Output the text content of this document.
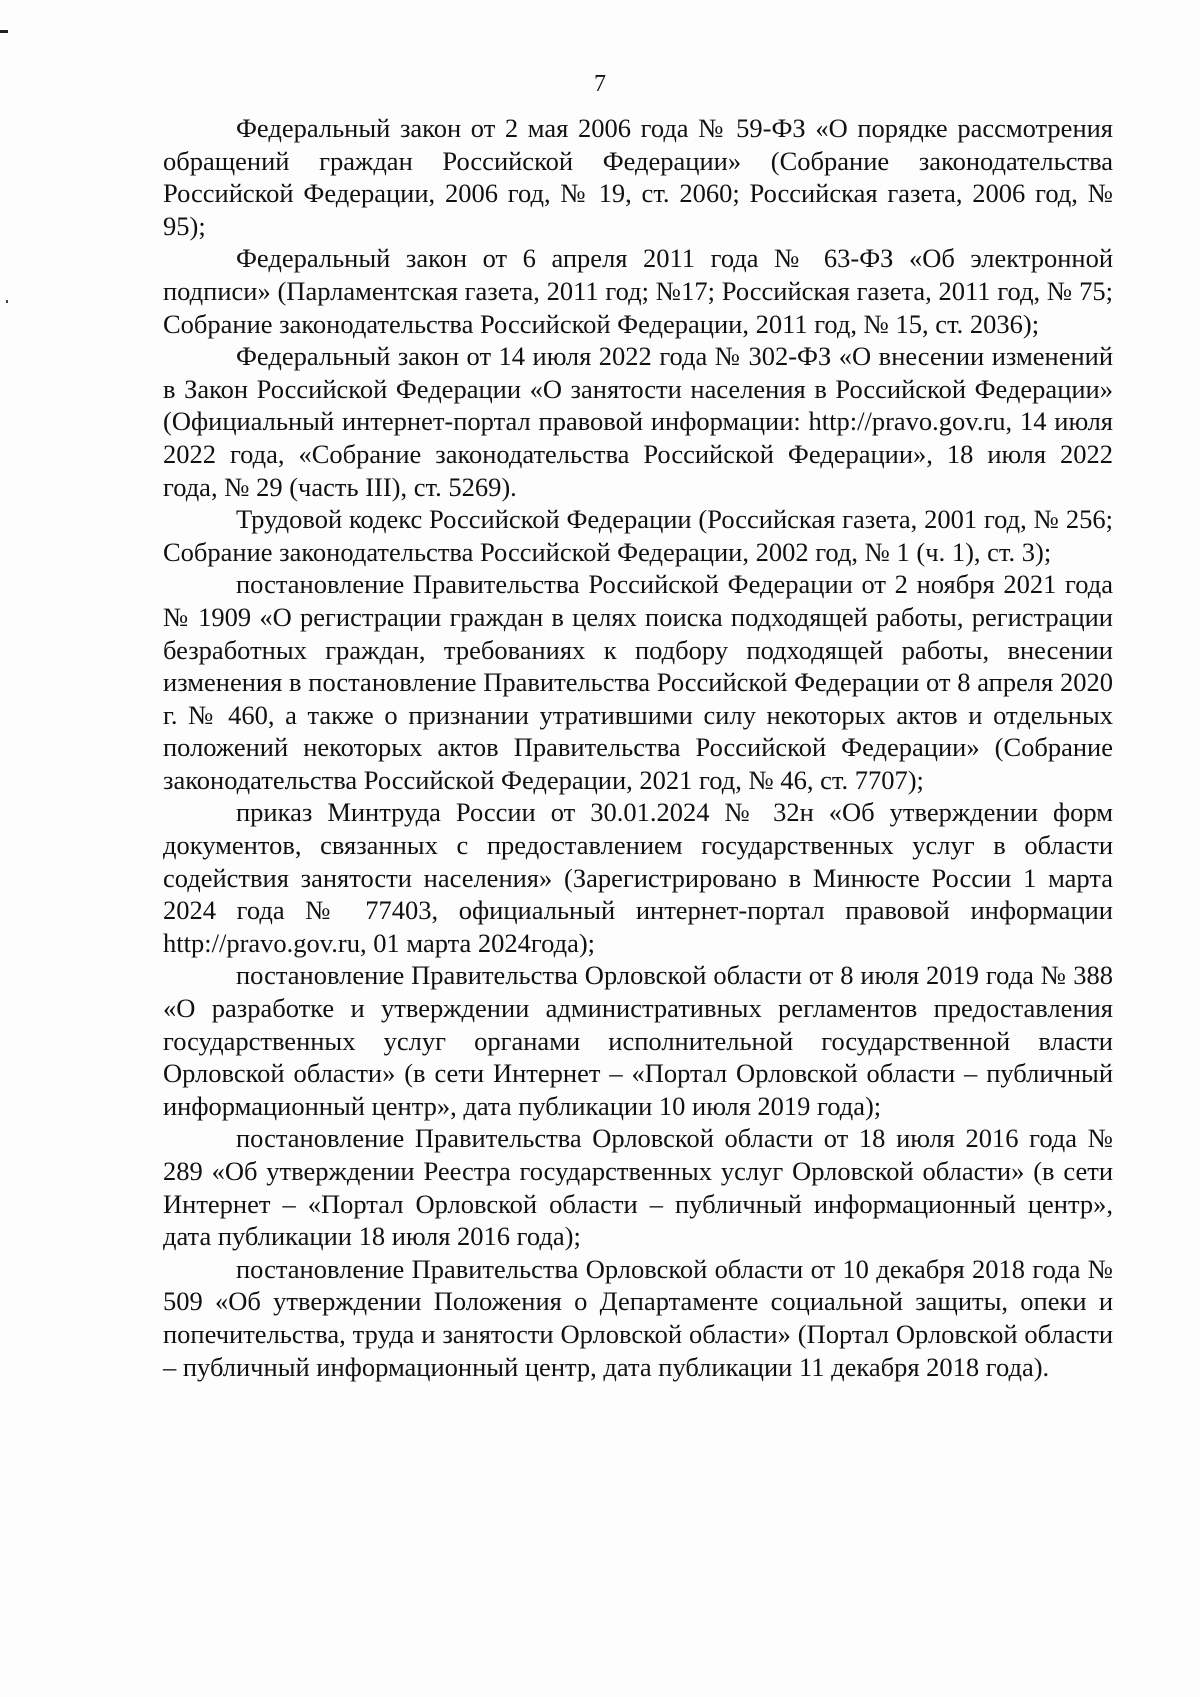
7

Федеральный закон от 2 мая 2006 года № 59-ФЗ «О порядке рассмотрения обращений граждан Российской Федерации» (Собрание законодательства Российской Федерации, 2006 год, № 19, ст. 2060; Российская газета, 2006 год, № 95);

Федеральный закон от 6 апреля 2011 года № 63-ФЗ «Об электронной подписи» (Парламентская газета, 2011 год; №17; Российская газета, 2011 год, № 75; Собрание законодательства Российской Федерации, 2011 год, № 15, ст. 2036);

Федеральный закон от 14 июля 2022 года № 302-ФЗ «О внесении изменений в Закон Российской Федерации «О занятости населения в Российской Федерации» (Официальный интернет-портал правовой информации: http://pravo.gov.ru, 14 июля 2022 года, «Собрание законодательства Российской Федерации», 18 июля 2022 года, № 29 (часть III), ст. 5269).

Трудовой кодекс Российской Федерации (Российская газета, 2001 год, № 256; Собрание законодательства Российской Федерации, 2002 год, № 1 (ч. 1), ст. 3);

постановление Правительства Российской Федерации от 2 ноября 2021 года № 1909 «О регистрации граждан в целях поиска подходящей работы, регистрации безработных граждан, требованиях к подбору подходящей работы, внесении изменения в постановление Правительства Российской Федерации от 8 апреля 2020 г. № 460, а также о признании утратившими силу некоторых актов и отдельных положений некоторых актов Правительства Российской Федерации» (Собрание законодательства Российской Федерации, 2021 год, № 46, ст. 7707);

приказ Минтруда России от 30.01.2024 № 32н «Об утверждении форм документов, связанных с предоставлением государственных услуг в области содействия занятости населения» (Зарегистрировано в Минюсте России 1 марта 2024 года № 77403, официальный интернет-портал правовой информации http://pravo.gov.ru, 01 марта 2024года);

постановление Правительства Орловской области от 8 июля 2019 года № 388 «О разработке и утверждении административных регламентов предоставления государственных услуг органами исполнительной государственной власти Орловской области» (в сети Интернет – «Портал Орловской области – публичный информационный центр», дата публикации 10 июля 2019 года);

постановление Правительства Орловской области от 18 июля 2016 года № 289 «Об утверждении Реестра государственных услуг Орловской области» (в сети Интернет – «Портал Орловской области – публичный информационный центр», дата публикации 18 июля 2016 года);

постановление Правительства Орловской области от 10 декабря 2018 года № 509 «Об утверждении Положения о Департаменте социальной защиты, опеки и попечительства, труда и занятости Орловской области» (Портал Орловской области – публичный информационный центр, дата публикации 11 декабря 2018 года).
